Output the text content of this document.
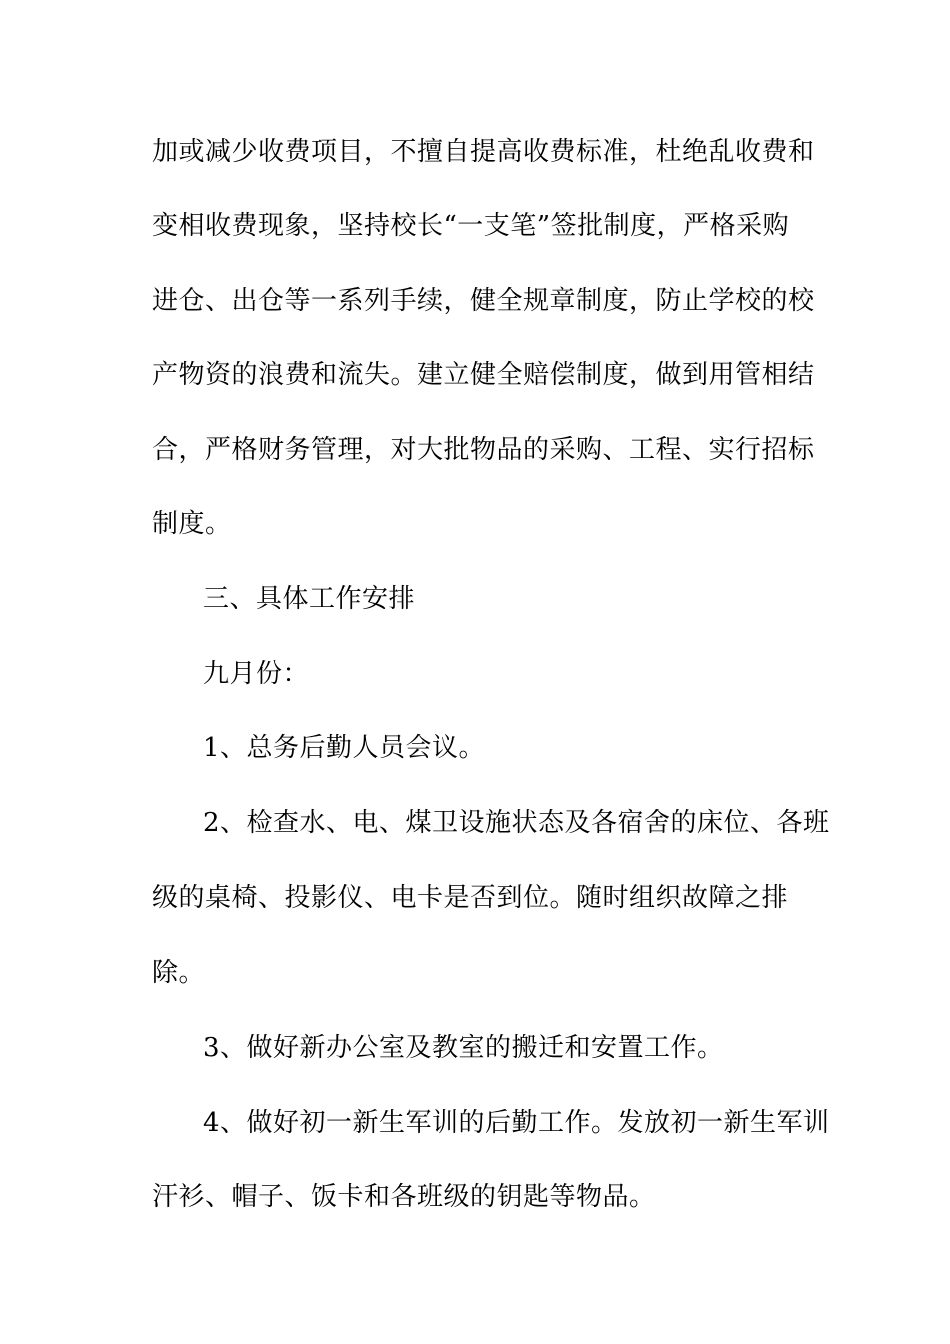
加或减少收费项目，不擅自提高收费标准，杜绝乱收费和
变相收费现象，坚持校长“一支笔”签批制度，严格采购
进仓、出仓等一系列手续，健全规章制度，防止学校的校
产物资的浪费和流失。建立健全赔偿制度，做到用管相结
合，严格财务管理，对大批物品的采购、工程、实行招标
制度。
三、具体工作安排
九月份：
1、总务后勤人员会议。
2、检查水、电、煤卫设施状态及各宿舍的床位、各班
级的桌椅、投影仪、电卡是否到位。随时组织故障之排
除。
3、做好新办公室及教室的搬迁和安置工作。
4、做好初一新生军训的后勤工作。发放初一新生军训
汗衫、帽子、饭卡和各班级的钥匙等物品。
